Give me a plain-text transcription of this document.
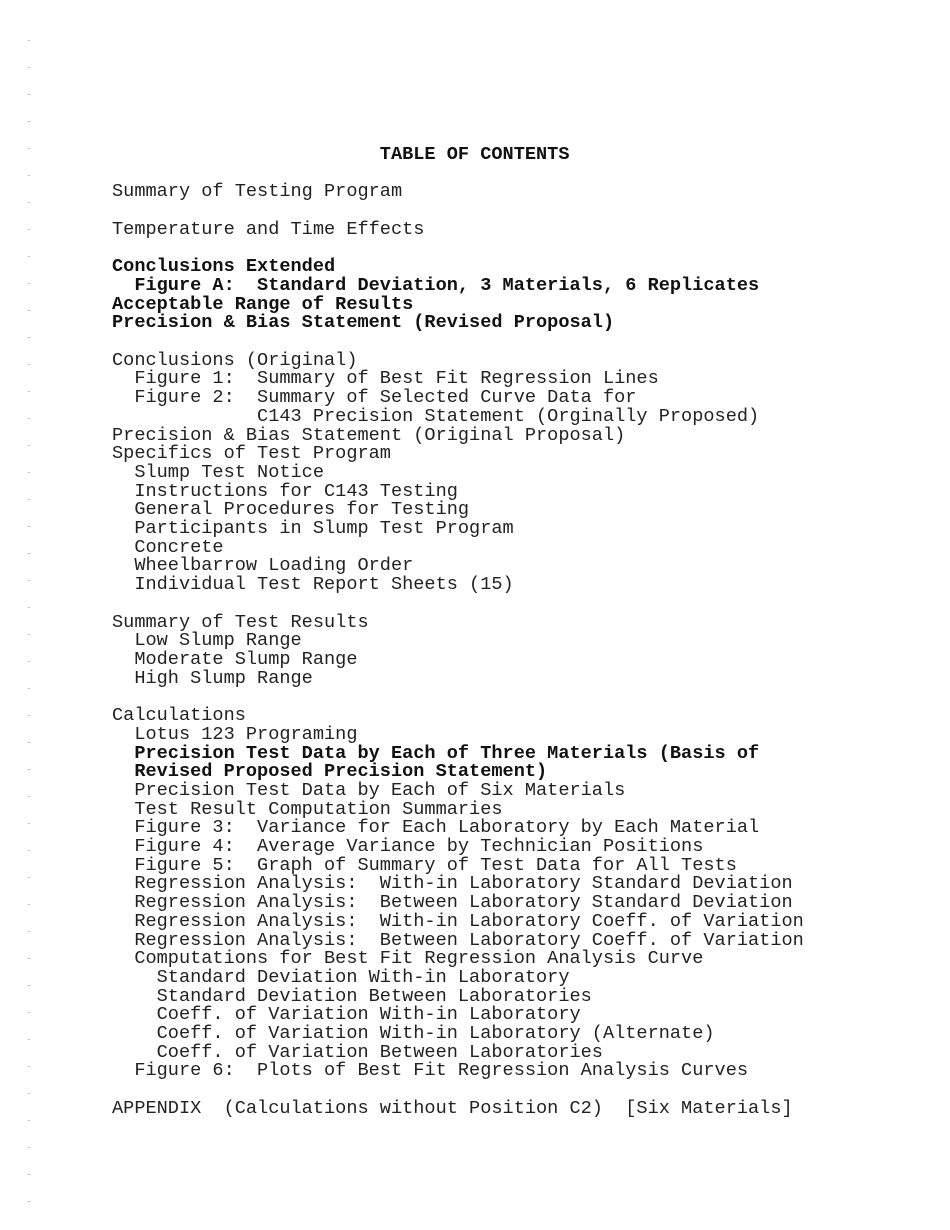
TABLE OF CONTENTS
Summary of Testing Program
Temperature and Time Effects
Conclusions Extended
Figure A:  Standard Deviation, 3 Materials, 6 Replicates
Acceptable Range of Results
Precision & Bias Statement (Revised Proposal)
Conclusions (Original)
Figure 1:  Summary of Best Fit Regression Lines
Figure 2:  Summary of Selected Curve Data for
C143 Precision Statement (Orginally Proposed)
Precision & Bias Statement (Original Proposal)
Specifics of Test Program
Slump Test Notice
Instructions for C143 Testing
General Procedures for Testing
Participants in Slump Test Program
Concrete
Wheelbarrow Loading Order
Individual Test Report Sheets (15)
Summary of Test Results
Low Slump Range
Moderate Slump Range
High Slump Range
Calculations
Lotus 123 Programing
Precision Test Data by Each of Three Materials (Basis of
Revised Proposed Precision Statement)
Precision Test Data by Each of Six Materials
Test Result Computation Summaries
Figure 3:  Variance for Each Laboratory by Each Material
Figure 4:  Average Variance by Technician Positions
Figure 5:  Graph of Summary of Test Data for All Tests
Regression Analysis:  With-in Laboratory Standard Deviation
Regression Analysis:  Between Laboratory Standard Deviation
Regression Analysis:  With-in Laboratory Coeff. of Variation
Regression Analysis:  Between Laboratory Coeff. of Variation
Computations for Best Fit Regression Analysis Curve
Standard Deviation With-in Laboratory
Standard Deviation Between Laboratories
Coeff. of Variation With-in Laboratory
Coeff. of Variation With-in Laboratory (Alternate)
Coeff. of Variation Between Laboratories
Figure 6:  Plots of Best Fit Regression Analysis Curves
APPENDIX  (Calculations without Position C2)  [Six Materials]
